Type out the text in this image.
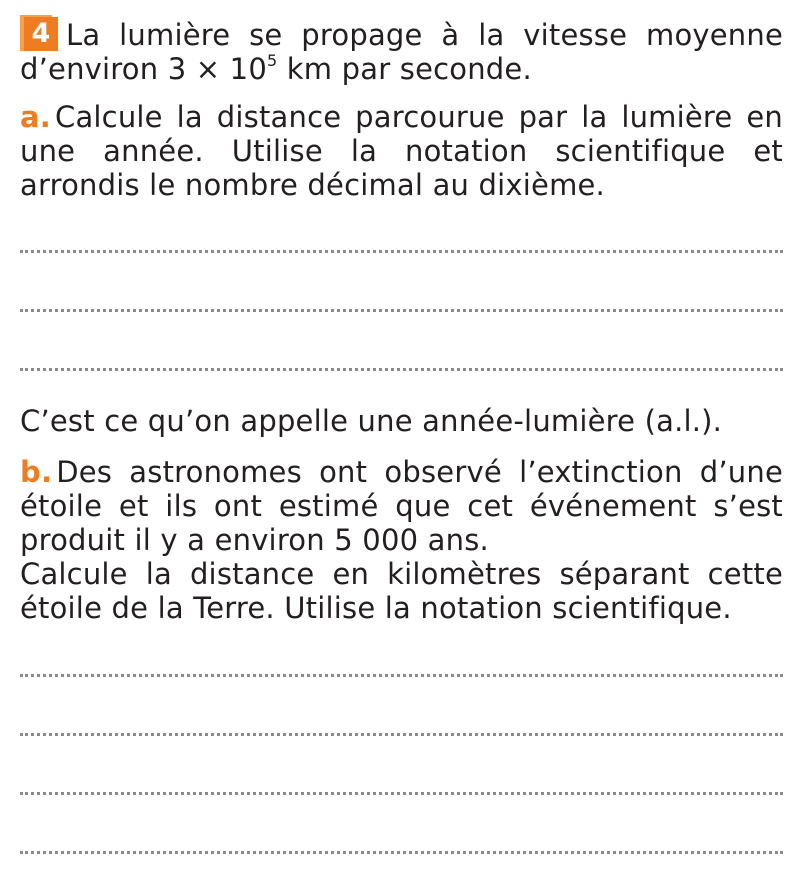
4 La lumière se propage à la vitesse moyenne d’environ $3 \times 10^5$ km par seconde.

a. Calcule la distance parcourue par la lumière en une année. Utilise la notation scientifique et arrondis le nombre décimal au dixième.

C’est ce qu’on appelle une année-lumière (a.l.).

b. Des astronomes ont observé l’extinction d’une étoile et ils ont estimé que cet événement s’est produit il y a environ 5 000 ans.

Calcule la distance en kilomètres séparant cette étoile de la Terre. Utilise la notation scientifique.
